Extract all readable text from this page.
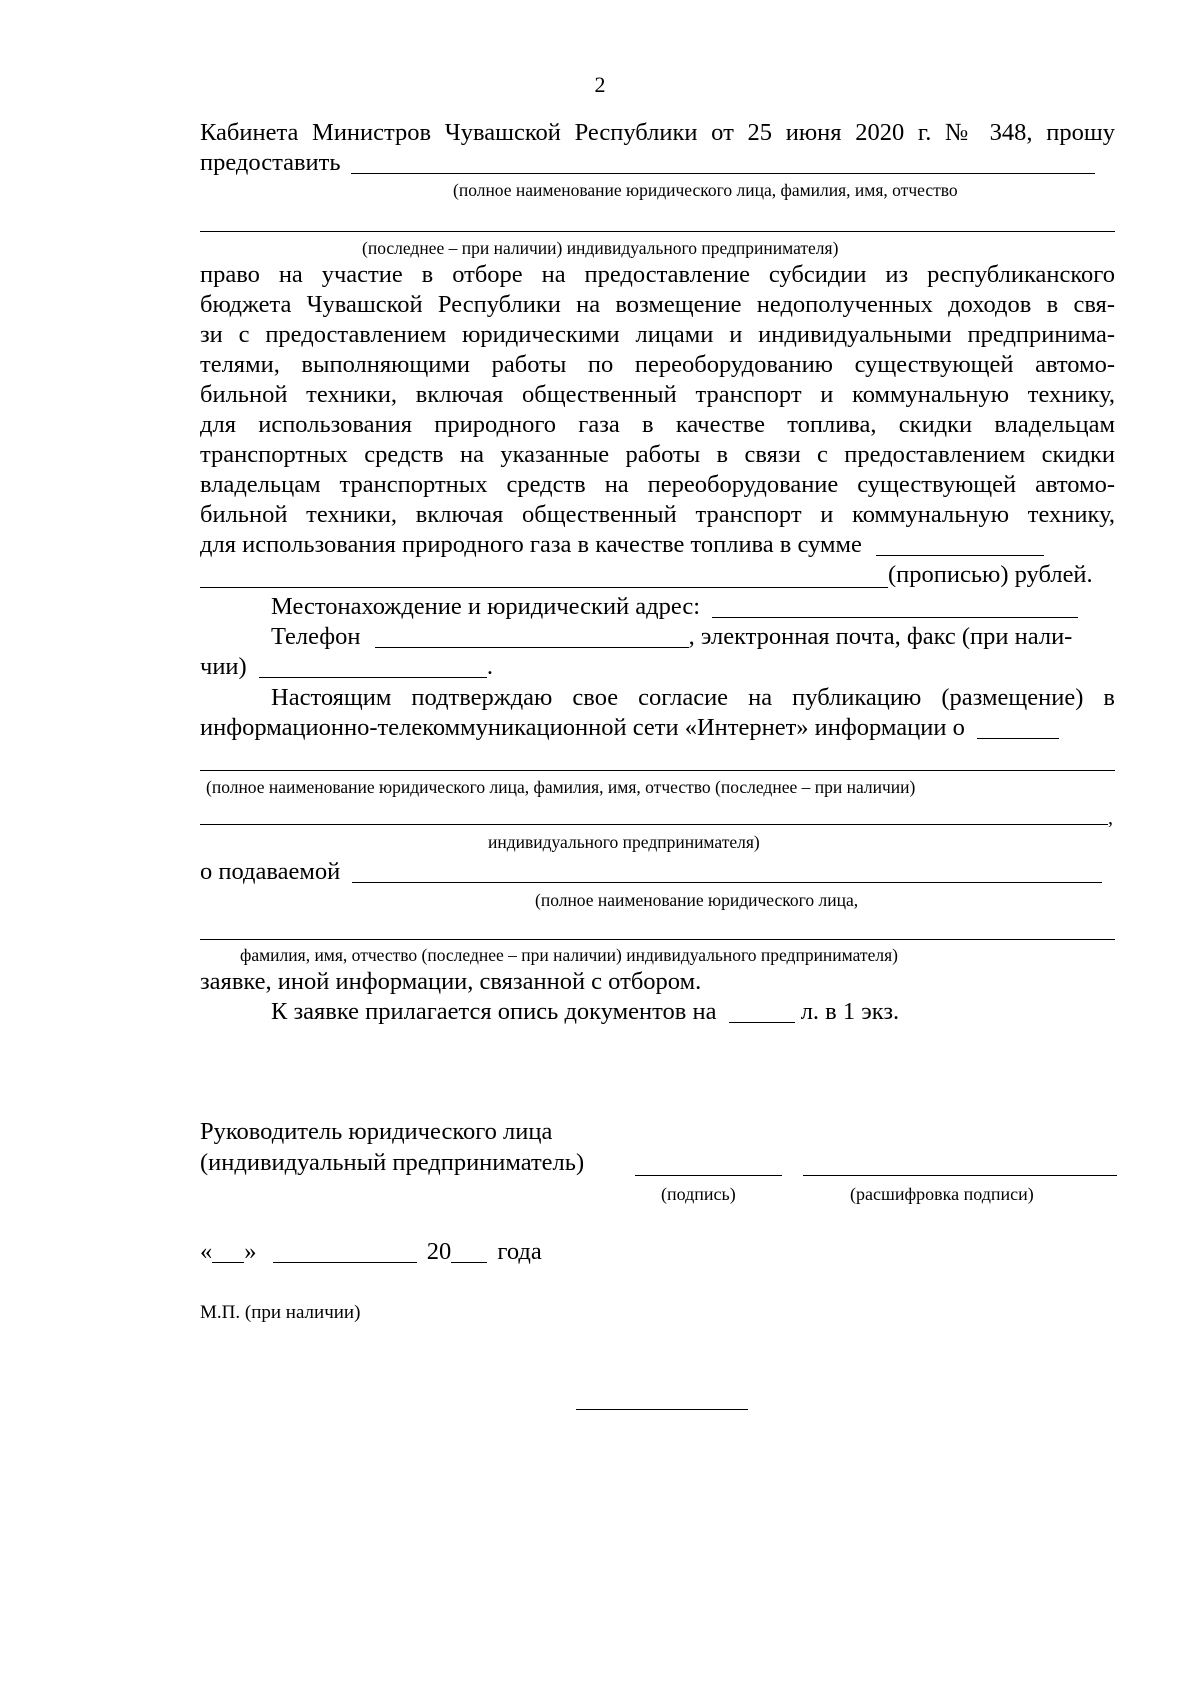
2
Кабинета Министров Чувашской Республики от 25 июня 2020 г. № 348, прошу
предоставить
(полное наименование юридического лица, фамилия, имя, отчество
(последнее – при наличии) индивидуального предпринимателя)
право на участие в отборе на предоставление субсидии из республиканского
бюджета Чувашской Республики на возмещение недополученных доходов в свя-
зи с предоставлением юридическими лицами и индивидуальными предпринима-
телями, выполняющими работы по переоборудованию существующей автомо-
бильной техники, включая общественный транспорт и коммунальную технику,
для использования природного газа в качестве топлива, скидки владельцам
транспортных средств на указанные работы в связи с предоставлением скидки
владельцам транспортных средств на переоборудование существующей автомо-
бильной техники, включая общественный транспорт и коммунальную технику,
для использования природного газа в качестве топлива в сумме
(прописью) рублей.
Местонахождение и юридический адрес:
Телефон	, электронная почта, факс (при нали-
чии)	.
Настоящим подтверждаю свое согласие на публикацию (размещение) в
информационно-телекоммуникационной сети «Интернет» информации о
(полное наименование юридического лица, фамилия, имя, отчество (последнее – при наличии)
,
индивидуального предпринимателя)
о подаваемой
(полное наименование юридического лица,
фамилия, имя, отчество (последнее – при наличии) индивидуального предпринимателя)
заявке, иной информации, связанной с отбором.
К заявке прилагается опись документов на	л. в 1 экз.
Руководитель юридического лица
(индивидуальный предприниматель)
(подпись)	(расшифровка подписи)
« »	20 года
М.П. (при наличии)
